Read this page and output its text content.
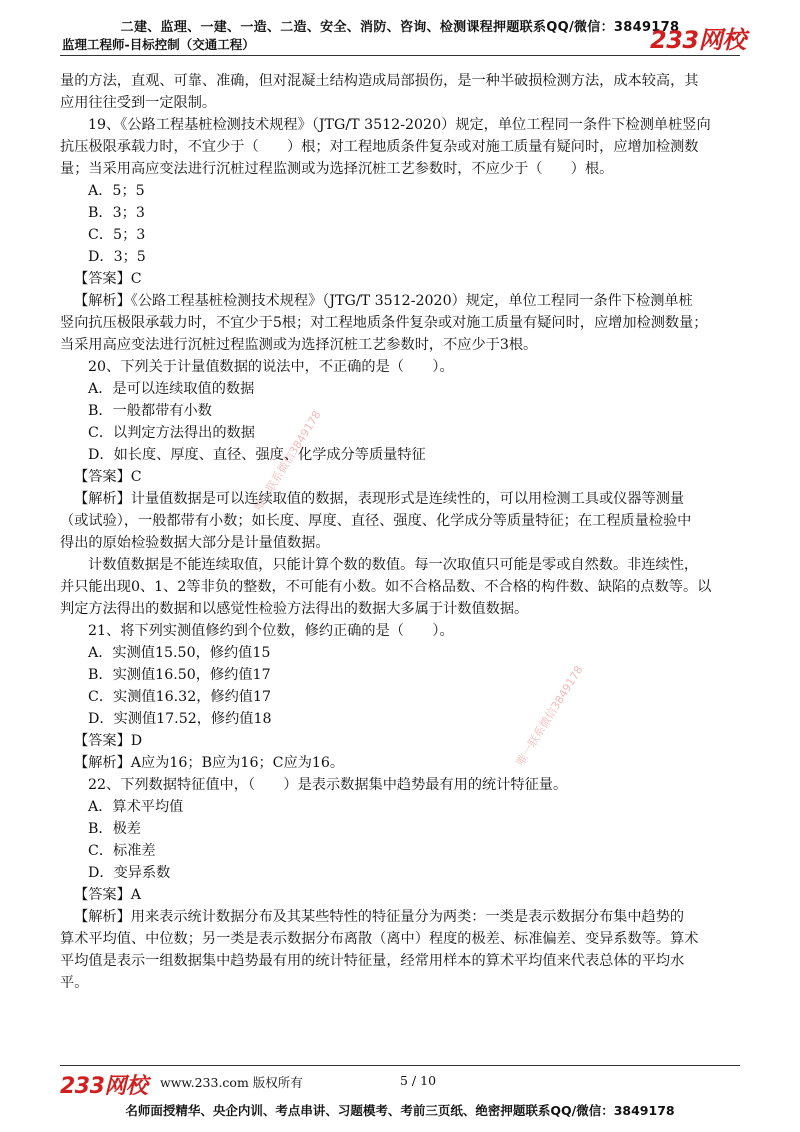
二建、监理、一建、一造、二造、安全、消防、咨询、检测课程押题联系QQ/微信：3849178
监理工程师-目标控制（交通工程）	233网校
唯一联系微信3849178
唯一联系微信3849178

量的方法，直观、可靠、准确，但对混凝土结构造成局部损伤，是一种半破损检测方法，成本较高，其

应用往往受到一定限制。

19、《公路工程基桩检测技术规程》（JTG/T 3512-2020）规定，单位工程同一条件下检测单桩竖向

抗压极限承载力时，不宜少于（　　）根；对工程地质条件复杂或对施工质量有疑问时，应增加检测数

量；当采用高应变法进行沉桩过程监测或为选择沉桩工艺参数时，不应少于（　　）根。

A．5；5

B．3；3

C．5；3

D．3；5

【答案】C

【解析】《公路工程基桩检测技术规程》（JTG/T 3512-2020）规定，单位工程同一条件下检测单桩

竖向抗压极限承载力时，不宜少于5根；对工程地质条件复杂或对施工质量有疑问时，应增加检测数量；

当采用高应变法进行沉桩过程监测或为选择沉桩工艺参数时，不应少于3根。

20、下列关于计量值数据的说法中，不正确的是（　　）。

A．是可以连续取值的数据

B．一般都带有小数

C．以判定方法得出的数据

D．如长度、厚度、直径、强度、化学成分等质量特征

【答案】C

【解析】计量值数据是可以连续取值的数据，表现形式是连续性的，可以用检测工具或仪器等测量

（或试验），一般都带有小数；如长度、厚度、直径、强度、化学成分等质量特征；在工程质量检验中

得出的原始检验数据大部分是计量值数据。

计数值数据是不能连续取值，只能计算个数的数值。每一次取值只可能是零或自然数。非连续性，

并只能出现0、1、2等非负的整数，不可能有小数。如不合格品数、不合格的构件数、缺陷的点数等。以

判定方法得出的数据和以感觉性检验方法得出的数据大多属于计数值数据。

21、将下列实测值修约到个位数，修约正确的是（　　）。

A．实测值15.50，修约值15

B．实测值16.50，修约值17

C．实测值16.32，修约值17

D．实测值17.52，修约值18

【答案】D

【解析】A应为16；B应为16；C应为16。

22、下列数据特征值中，（　　）是表示数据集中趋势最有用的统计特征量。

A．算术平均值

B．极差

C．标准差

D．变异系数

【答案】A

【解析】用来表示统计数据分布及其某些特性的特征量分为两类：一类是表示数据分布集中趋势的

算术平均值、中位数；另一类是表示数据分布离散（离中）程度的极差、标准偏差、变异系数等。算术

平均值是表示一组数据集中趋势最有用的统计特征量，经常用样本的算术平均值来代表总体的平均水

平。

233网校 www.233.com 版权所有	5 / 10
名师面授精华、央企内训、考点串讲、习题模考、考前三页纸、绝密押题联系QQ/微信：3849178
